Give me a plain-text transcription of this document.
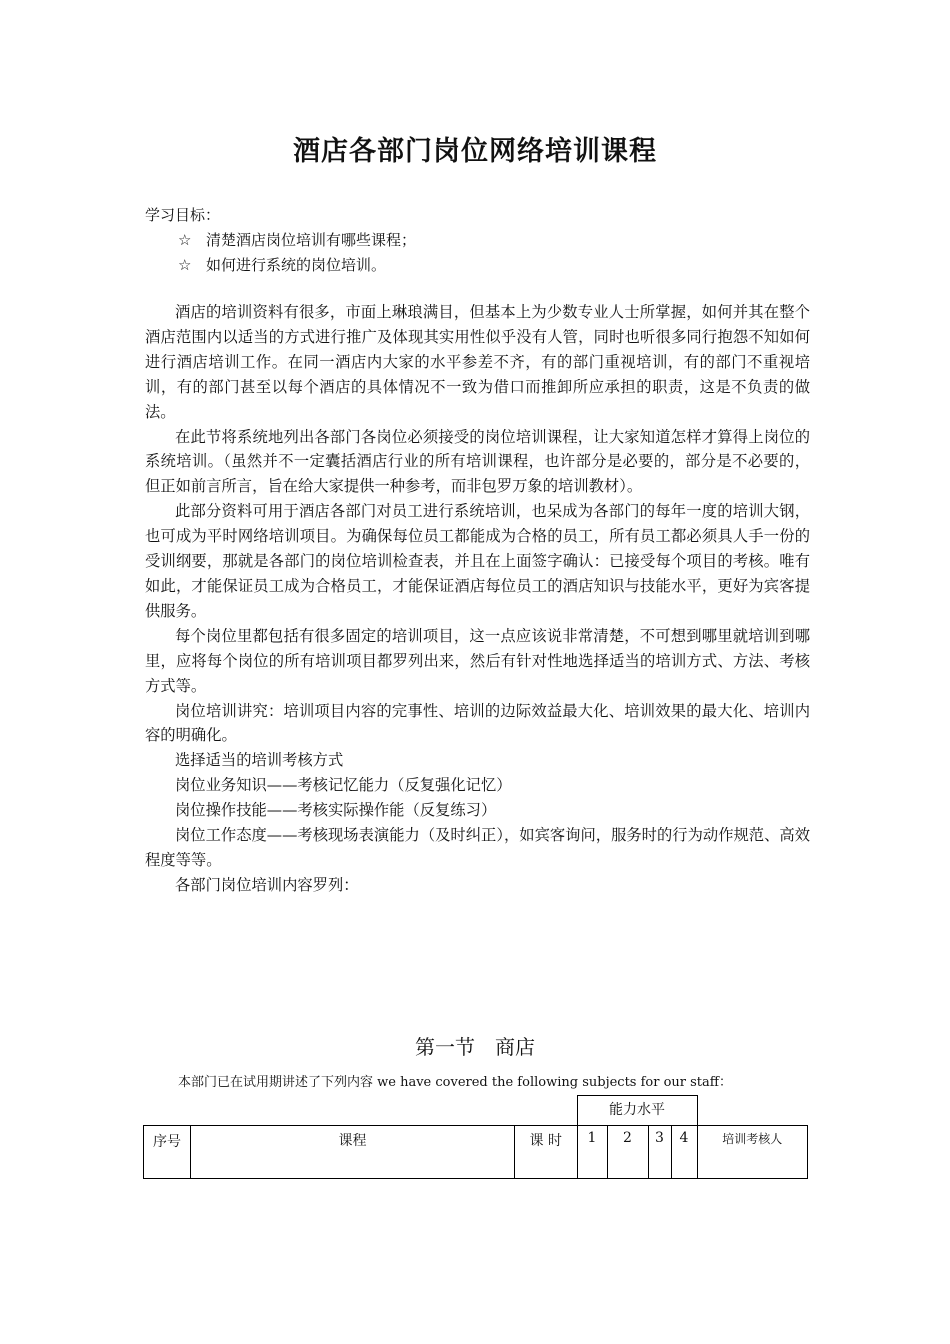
酒店各部门岗位网络培训课程
学习目标：
☆ 清楚酒店岗位培训有哪些课程；
☆ 如何进行系统的岗位培训。

酒店的培训资料有很多，市面上琳琅满目，但基本上为少数专业人士所掌握，如何并其在整个酒店范围内以适当的方式进行推广及体现其实用性似乎没有人管，同时也听很多同行抱怨不知如何进行酒店培训工作。在同一酒店内大家的水平参差不齐，有的部门重视培训，有的部门不重视培训，有的部门甚至以每个酒店的具体情况不一致为借口而推卸所应承担的职责，这是不负责的做法。

在此节将系统地列出各部门各岗位必须接受的岗位培训课程，让大家知道怎样才算得上岗位的系统培训。（虽然并不一定囊括酒店行业的所有培训课程，也许部分是必要的，部分是不必要的，但正如前言所言，旨在给大家提供一种参考，而非包罗万象的培训教材）。

此部分资料可用于酒店各部门对员工进行系统培训，也呆成为各部门的每年一度的培训大钢，也可成为平时网络培训项目。为确保每位员工都能成为合格的员工，所有员工都必须具人手一份的受训纲要，那就是各部门的岗位培训检查表，并且在上面签字确认：已接受每个项目的考核。唯有如此，才能保证员工成为合格员工，才能保证酒店每位员工的酒店知识与技能水平，更好为宾客提供服务。

每个岗位里都包括有很多固定的培训项目，这一点应该说非常清楚，不可想到哪里就培训到哪里，应将每个岗位的所有培训项目都罗列出来，然后有针对性地选择适当的培训方式、方法、考核方式等。

岗位培训讲究：培训项目内容的完事性、培训的边际效益最大化、培训效果的最大化、培训内容的明确化。

选择适当的培训考核方式

岗位业务知识——考核记忆能力（反复强化记忆）

岗位操作技能——考核实际操作能（反复练习）

岗位工作态度——考核现场表演能力（及时纠正），如宾客询问，服务时的行为动作规范、高效程度等等。

各部门岗位培训内容罗列：

第一节　商店
本部门已在试用期讲述了下列内容 we have covered the following subjects for our staff：
			能力水平				
序号	课程	课 时	1	2	3	4	培训考核人
